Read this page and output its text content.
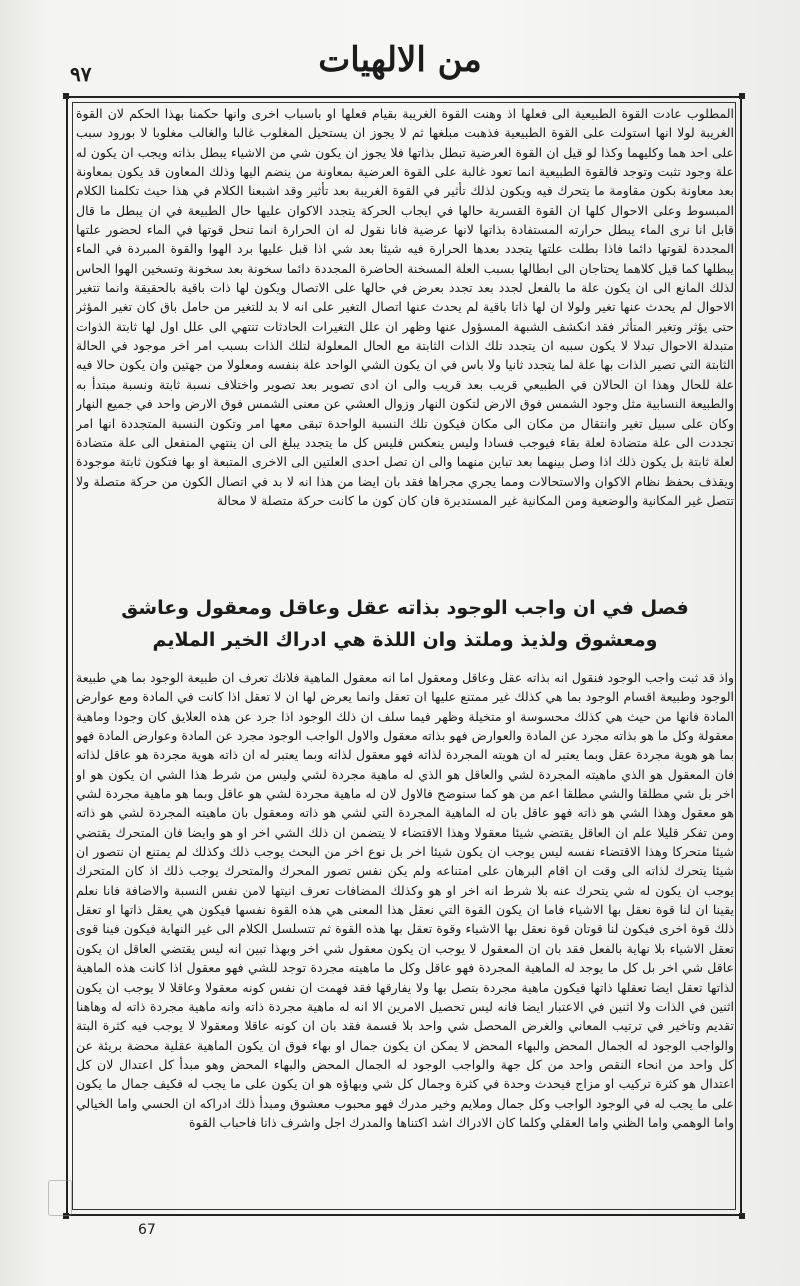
من الالهيات
٩٧
المطلوب عادت القوة الطبيعية الى فعلها اذ وهنت القوة الغريبة بقيام فعلها او باسباب اخرى وانها حكمنا بهذا الحكم لان القوة الغريبة لولا انها استولت على القوة الطبيعية فذهبت مبلغها ثم لا يجوز ان يستحيل المغلوب غالبا والغالب مغلوبا لا بورود سبب على احد هما وكليهما وكذا لو قيل ان القوة العرضية تبطل بذاتها فلا يجوز ان يكون شي من الاشياء يبطل بذاته ويجب ان يكون له علة وجود تثبت وتوجد فالقوة الطبيعية انما تعود غالبة على القوة العرضية بمعاونة من ينضم اليها وذلك المعاون قد يكون بمعاونة بعد معاونة بكون مقاومة ما يتحرك فيه ويكون لذلك تأثير في القوة الغريبة بعد تأثير وقد اشبعنا الكلام في هذا حيث تكلمنا الكلام المبسوط وعلى الاحوال كلها ان القوة القسرية حالها في ايجاب الحركة يتجدد الاكوان عليها حال الطبيعة في ان يبطل ما قال قابل انا نرى الماء يبطل حرارته المستفادة بذاتها لانها عرضية فانا نقول له ان الحرارة انما تنحل قوتها في الماء لحضور علتها المجددة لقوتها دائما فاذا بطلت علتها يتجدد بعدها الحرارة فيه شيئا بعد شي اذا قبل عليها برد الهوا والقوة المبردة في الماء يبطلها كما قيل كلاهما يحتاجان الى ابطالها بسبب العلة المسخنة الحاضرة المجددة دائما سخونة بعد سخونة وتسخين الهوا الحاس لذلك المانع الى ان يكون علة ما بالفعل لجدد بعد تجدد بعرض في حالها على الاتصال ويكون لها ذات باقية بالحقيقة وانما تتغير الاحوال لم يحدث عنها تغير ولولا ان لها ذاتا باقية لم يحدث عنها اتصال التغير على انه لا بد للتغير من حامل باق كان تغير المؤثر حتى يؤثر وتغير المتأثر فقد انكشف الشبهة المسؤول عنها وظهر ان علل التغيرات الحادثات تنتهي الى علل اول لها ثابتة الذوات متبدلة الاحوال تبدلا لا يكون سببه ان يتجدد تلك الذات الثابتة مع الحال المعلولة لتلك الذات بسبب امر اخر موجود في الحالة الثابتة التي تصير الذات بها علة لما يتجدد ثانيا ولا باس في ان يكون الشي الواحد علة بنفسه ومعلولا من جهتين وان يكون حالا فيه علة للحال وهذا ان الحالان في الطبيعي قريب بعد قريب والى ان ادى تصوير بعد تصوير واختلاف نسبة ثابتة ونسبة مبتدأ به والطبيعة النسابية مثل وجود الشمس فوق الارض لتكون النهار وزوال العشي عن معنى الشمس فوق الارض واحد في جميع النهار وكان على سبيل تغير وانتقال من مكان الى مكان فيكون تلك النسبة الواحدة تبقى معها امر وتكون النسبة المتجددة انها امر تجددت الى علة متضادة لعلة بقاء فيوجب فسادا وليس ينعكس فليس كل ما يتجدد يبلغ الى ان ينتهي المنفعل الى علة متضادة لعلة ثابتة بل يكون ذلك اذا وصل بينهما بعد تباين منهما والى ان تصل احدى العلتين الى الاخرى المتبعة او بها فتكون ثابتة موجودة ويقذف بحفظ نظام الاكوان والاستحالات ومما يجري مجراها فقد بان ايضا من هذا انه لا بد في اتصال الكون من حركة متصلة ولا تتصل غير المكانية والوضعية ومن المكانية غير المستديرة فان كان كون ما كانت حركة متصلة لا محالة
فصل في ان واجب الوجود بذاته عقل وعاقل ومعقول وعاشق ومعشوق ولذيذ وملتذ وان اللذة هي ادراك الخير الملايم
واذ قد ثبت واجب الوجود فنقول انه بذاته عقل وعاقل ومعقول اما انه معقول الماهية فلانك تعرف ان طبيعة الوجود بما هي طبيعة الوجود وطبيعة اقسام الوجود بما هي كذلك غير ممتنع عليها ان تعقل وانما يعرض لها ان لا تعقل اذا كانت في المادة ومع عوارض المادة فانها من حيث هي كذلك محسوسة او متخيلة وظهر فيما سلف ان ذلك الوجود اذا جرد عن هذه العلايق كان وجودا وماهية معقولة وكل ما هو بذاته مجرد عن المادة والعوارض فهو بذاته معقول والاول الواجب الوجود مجرد عن المادة وعوارض المادة فهو بما هو هوية مجردة عقل وبما يعتبر له ان هويته المجردة لذاته فهو معقول لذاته وبما يعتبر له ان ذاته هوية مجردة هو عاقل لذاته فان المعقول هو الذي ماهيته المجردة لشي والعاقل هو الذي له ماهية مجردة لشي وليس من شرط هذا الشي ان يكون هو او اخر بل شي مطلقا والشي مطلقا اعم من هو كما سنوضح فالاول لان له ماهية مجردة لشي هو عاقل وبما هو ماهية مجردة لشي هو معقول وهذا الشي هو ذاته فهو عاقل بان له الماهية المجردة التي لشي هو ذاته ومعقول بان ماهيته المجردة لشي هو ذاته ومن تفكر قليلا علم ان العاقل يقتضي شيئا معقولا وهذا الاقتضاء لا يتضمن ان ذلك الشي اخر او هو وايضا فان المتحرك يقتضي شيئا متحركا وهذا الاقتضاء نفسه ليس يوجب ان يكون شيئا اخر بل نوع اخر من البحث يوجب ذلك وكذلك لم يمتنع ان نتصور ان شيئا يتحرك لذاته الى وقت ان اقام البرهان على امتناعه ولم يكن نفس تصور المحرك والمتحرك يوجب ذلك اذ كان المتحرك يوجب ان يكون له شي يتحرك عنه بلا شرط انه اخر او هو وكذلك المضافات تعرف انيتها لامن نفس النسبة والاضافة فانا نعلم يقينا ان لنا قوة نعقل بها الاشياء فاما ان يكون القوة التي نعقل هذا المعنى هي هذه القوة نفسها فيكون هي يعقل ذاتها او تعقل ذلك قوة اخرى فيكون لنا قوتان قوة نعقل بها الاشياء وقوة تعقل بها هذه القوة ثم تتسلسل الكلام الى غير النهاية فيكون فينا قوى تعقل الاشياء بلا نهاية بالفعل فقد بان ان المعقول لا يوجب ان يكون معقول شي اخر وبهذا تبين انه ليس يقتضي العاقل ان يكون عاقل شي اخر بل كل ما يوجد له الماهية المجردة فهو عاقل وكل ما ماهيته مجردة توجد للشي فهو معقول اذا كانت هذه الماهية لذاتها تعقل ايضا تعقلها ذاتها فيكون ماهية مجردة بتصل بها ولا يفارقها فقد فهمت ان نفس كونه معقولا وعاقلا لا يوجب ان يكون اثنين في الذات ولا اثنين في الاعتبار ايضا فانه ليس تحصيل الامرين الا انه له ماهية مجردة ذاته وانه ماهية مجردة ذاته له وهاهنا تقديم وتاخير في ترتيب المعاني والغرض المحصل شي واحد بلا قسمة فقد بان ان كونه عاقلا ومعقولا لا يوجب فيه كثرة البتة والواجب الوجود له الجمال المحض والبهاء المحض لا يمكن ان يكون جمال او بهاء فوق ان يكون الماهية عقلية محضة بريئة عن كل واحد من انحاء النقص واحد من كل جهة والواجب الوجود له الجمال المحض والبهاء المحض وهو مبدأ كل اعتدال لان كل اعتدال هو كثرة تركيب او مزاج فيحدث وحدة في كثرة وجمال كل شي وبهاؤه هو ان يكون على ما يجب له فكيف جمال ما يكون على ما يجب له في الوجود الواجب وكل جمال وملايم وخير مدرك فهو محبوب معشوق ومبدأ ذلك ادراكه ان الحسي واما الخيالي واما الوهمي واما الظني واما العقلي وكلما كان الادراك اشد اكتناها والمدرك اجل واشرف ذاتا فاحباب القوة
67
